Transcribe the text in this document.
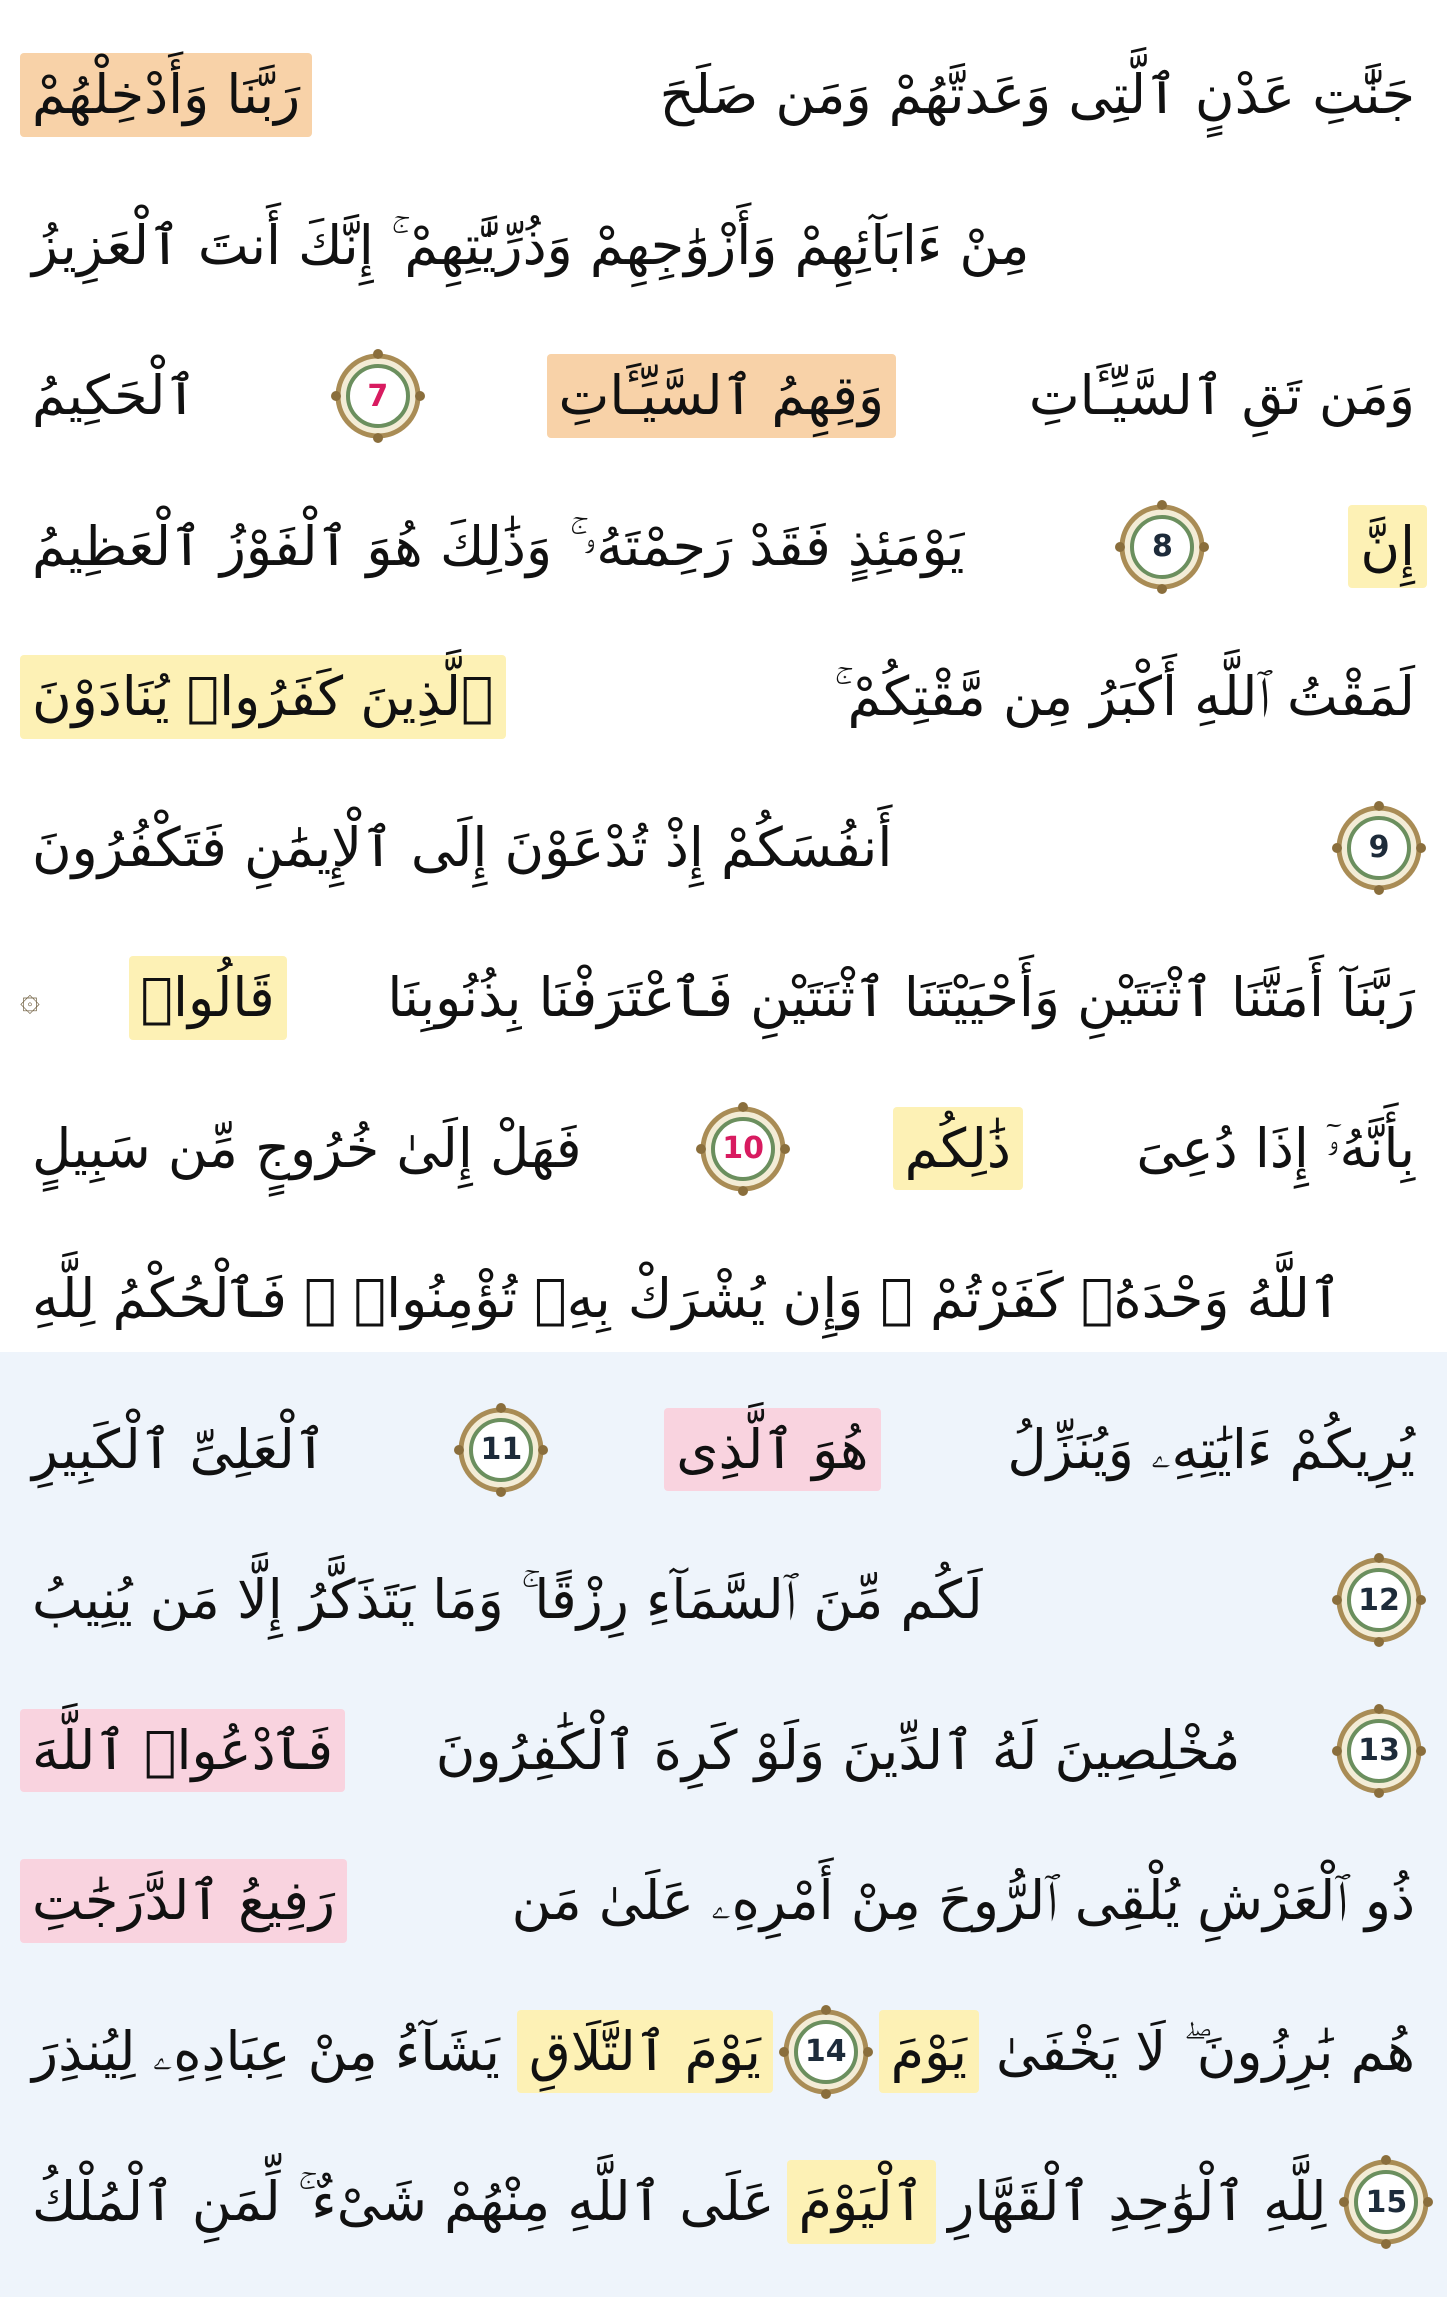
رَبَّنَا وَأَدْخِلْهُمْ	جَنَّٰتِ عَدْنٍ ٱلَّتِى وَعَدتَّهُمْ وَمَن صَلَحَ
مِنْ ءَابَآئِهِمْ وَأَزْوَٰجِهِمْ وَذُرِّيَّٰتِهِمْ ۚ إِنَّكَ أَنتَ ٱلْعَزِيزُ
ٱلْحَكِيمُ	7	وَقِهِمُ ٱلسَّيِّـَٔاتِ	وَمَن تَقِ ٱلسَّيِّـَٔاتِ
يَوْمَئِذٍ فَقَدْ رَحِمْتَهُۥ ۚ وَذَٰلِكَ هُوَ ٱلْفَوْزُ ٱلْعَظِيمُ	8	إِنَّ
ٱلَّذِينَ كَفَرُوا۟ يُنَادَوْنَ	لَمَقْتُ ٱللَّهِ أَكْبَرُ مِن مَّقْتِكُمْ ۚ
أَنفُسَكُمْ إِذْ تُدْعَوْنَ إِلَى ٱلْإِيمَٰنِ فَتَكْفُرُونَ	9
۞ قَالُوا۟ رَبَّنَآ أَمَتَّنَا ٱثْنَتَيْنِ وَأَحْيَيْتَنَا ٱثْنَتَيْنِ فَٱعْتَرَفْنَا بِذُنُوبِنَا
فَهَلْ إِلَىٰ خُرُوجٍ مِّن سَبِيلٍ	10	ذَٰلِكُم بِأَنَّهُۥٓ إِذَا دُعِىَ
ٱللَّهُ وَحْدَهُۥ كَفَرْتُمْ ۖ وَإِن يُشْرَكْ بِهِۦ تُؤْمِنُوا۟ ۚ فَٱلْحُكْمُ لِلَّهِ
ٱلْعَلِىِّ ٱلْكَبِيرِ	11	هُوَ ٱلَّذِى	يُرِيكُمْ ءَايَٰتِهِۦ وَيُنَزِّلُ
لَكُم مِّنَ ٱلسَّمَآءِ رِزْقًا ۚ وَمَا يَتَذَكَّرُ إِلَّا مَن يُنِيبُ	12
فَٱدْعُوا۟ ٱللَّهَ مُخْلِصِينَ لَهُ ٱلدِّينَ وَلَوْ كَرِهَ ٱلْكَٰفِرُونَ	13
رَفِيعُ ٱلدَّرَجَٰتِ	ذُو ٱلْعَرْشِ يُلْقِى ٱلرُّوحَ مِنْ أَمْرِهِۦ عَلَىٰ مَن
يَشَآءُ مِنْ عِبَادِهِۦ لِيُنذِرَ يَوْمَ ٱلتَّلَاقِ	14 يَوْمَ هُم بَٰرِزُونَ ۖ لَا يَخْفَىٰ
عَلَى ٱللَّهِ مِنْهُمْ شَىْءٌ ۚ لِّمَنِ ٱلْمُلْكُ ٱلْيَوْمَ لِلَّهِ ٱلْوَٰحِدِ ٱلْقَهَّارِ	15
